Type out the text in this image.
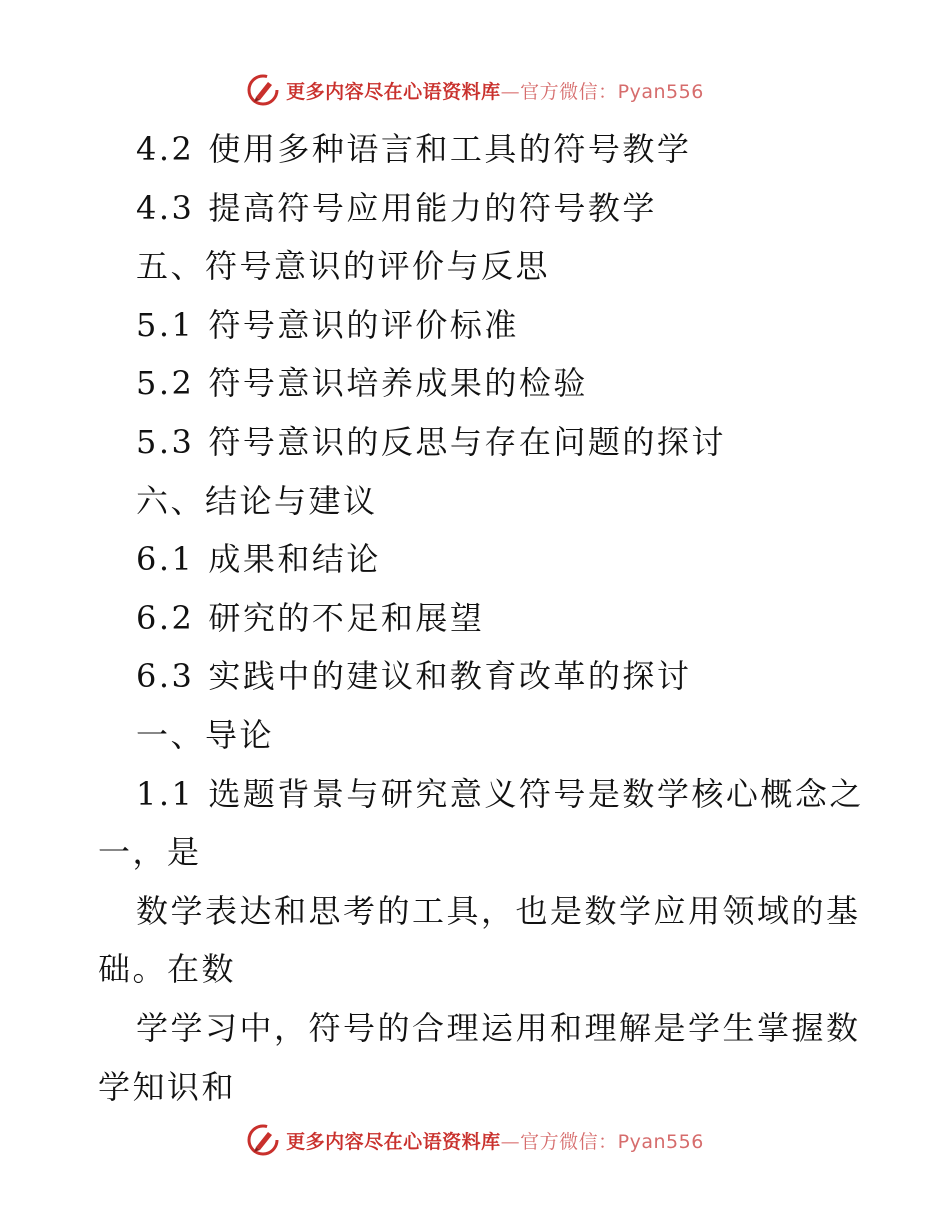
更多内容尽在心语资料库—官方微信：Pyan556
4.2 使用多种语言和工具的符号教学
4.3 提高符号应用能力的符号教学
五、符号意识的评价与反思
5.1 符号意识的评价标准
5.2 符号意识培养成果的检验
5.3 符号意识的反思与存在问题的探讨
六、结论与建议
6.1 成果和结论
6.2 研究的不足和展望
6.3 实践中的建议和教育改革的探讨
一、导论
1.1 选题背景与研究意义符号是数学核心概念之
一，是
数学表达和思考的工具，也是数学应用领域的基
础。在数
学学习中，符号的合理运用和理解是学生掌握数
学知识和
更多内容尽在心语资料库—官方微信：Pyan556
